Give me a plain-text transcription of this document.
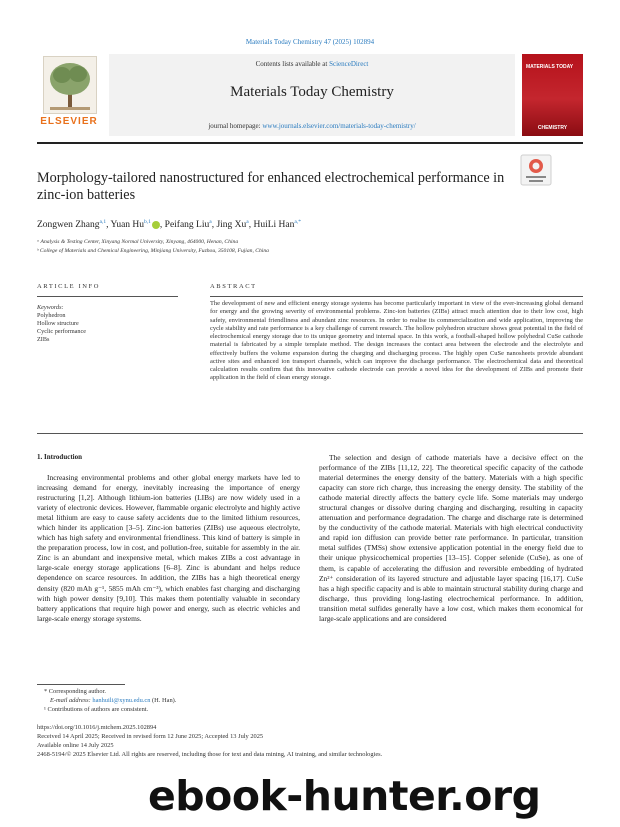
Materials Today Chemistry 47 (2025) 102894
ELSEVIER
Contents lists available at ScienceDirect
Materials Today Chemistry
journal homepage: www.journals.elsevier.com/materials-today-chemistry/
MATERIALS TODAY
CHEMISTRY
Morphology-tailored nanostructured for enhanced electrochemical performance in zinc-ion batteries
Zongwen Zhang$^{a,1}$, Yuan Hu$^{b,1}$ , Peifang Liu$^a$, Jing Xu$^a$, HuiLi Han$^{a,*}$
ᵃ Analysis & Testing Center, Xinyang Normal University, Xinyang, 464000, Henan, China
ᵇ College of Materials and Chemical Engineering, Minjiang University, Fuzhou, 350108, Fujian, China
ARTICLE INFO	ABSTRACT
Keywords:
Polyhedron
Hollow structure
Cyclic performance
ZIBs
The development of new and efficient energy storage systems has become particularly important in view of the ever-increasing global demand for energy and the growing severity of environmental problems. Zinc-ion batteries (ZIBs) attract much attention due to their low cost, high safety, environmental friendliness and abundant zinc resources. In order to realise its commercialization and wide application, improving the cycle stability and rate performance is a key challenge of current research. The hollow polyhedron structure shows great potential in the field of electrochemical energy storage due to its unique geometry and internal space. In this work, a football-shaped hollow polyhedral CuSe cathode material is fabricated by a simple template method. The design increases the contact area between the electrode and the electrolyte and effectively buffers the volume expansion during the charging and discharging process. The highly open CuSe nanosheets provide abundant active sites and enhanced ion transport channels, which can improve the discharge performance. The electrochemical data and theoretical calculation results confirm that this innovative cathode electrode can provide a novel idea for the development of ZIBs and promote their application in the field of clean energy storage.
1. Introduction
Increasing environmental problems and other global energy markets have led to increasing demand for energy, inevitably increasing the importance of energy restructuring [1,2]. Although lithium-ion batteries (LIBs) are now widely used in a variety of electronic devices. However, flammable organic electrolyte and highly active metal lithium are easy to cause safety accidents due to the limited lithium resources, which hinder its application [3–5]. Zinc-ion batteries (ZIBs) use aqueous electrolyte, which has high safety and environmental friendliness. This kind of battery is simple in the preparation process, low in cost, and pollution-free, suitable for assembly in the air. Zinc is an abundant and inexpensive metal, which makes ZIBs a cost advantage in large-scale energy storage applications [6–8]. Zinc is abundant and helps reduce dependence on scarce resources. In addition, the ZIBs has a high theoretical energy density (820 mAh g⁻¹, 5855 mAh cm⁻³), which enables fast charging and discharging with high power density [9,10]. This makes them potentially valuable in secondary battery applications that require high power and energy, such as electric vehicles and large-scale energy storage systems.
The selection and design of cathode materials have a decisive effect on the performance of the ZIBs [11,12, 22]. The theoretical specific capacity of the cathode material determines the energy density of the battery. Materials with a high specific capacity can store rich charge, thus increasing the energy density. The stability of the cathode material directly affects the battery cycle life. Some materials may undergo structural changes or dissolve during charging and discharging, resulting in capacity attenuation and performance degradation. The charge and discharge rate is determined by the conductivity of the cathode material. Materials with high electrical conductivity and rapid ion diffusion can provide better rate performance. In particular, transition metal sulfides (TMSs) show extensive application potential in the energy field due to their unique physicochemical properties [13–15]. Copper selenide (CuSe), as one of them, is capable of accelerating the diffusion and reversible embedding of hydrated Zn²⁺ consideration of its layered structure and adjustable layer spacing [16,17]. CuSe has a high specific capacity and is able to maintain structural stability during charge and discharge, thus providing long-lasting electrochemical performance. In addition, transition metal sulfides generally have a low cost, which makes them economical for large-scale applications and are considered
* Corresponding author.
E-mail address: hanhuili@xynu.edu.cn (H. Han).
¹ Contributions of authors are consistent.
https://doi.org/10.1016/j.mtchem.2025.102894
Received 14 April 2025; Received in revised form 12 June 2025; Accepted 13 July 2025
Available online 14 July 2025
2468-5194/© 2025 Elsevier Ltd. All rights are reserved, including those for text and data mining, AI training, and similar technologies.
ebook-hunter.org
